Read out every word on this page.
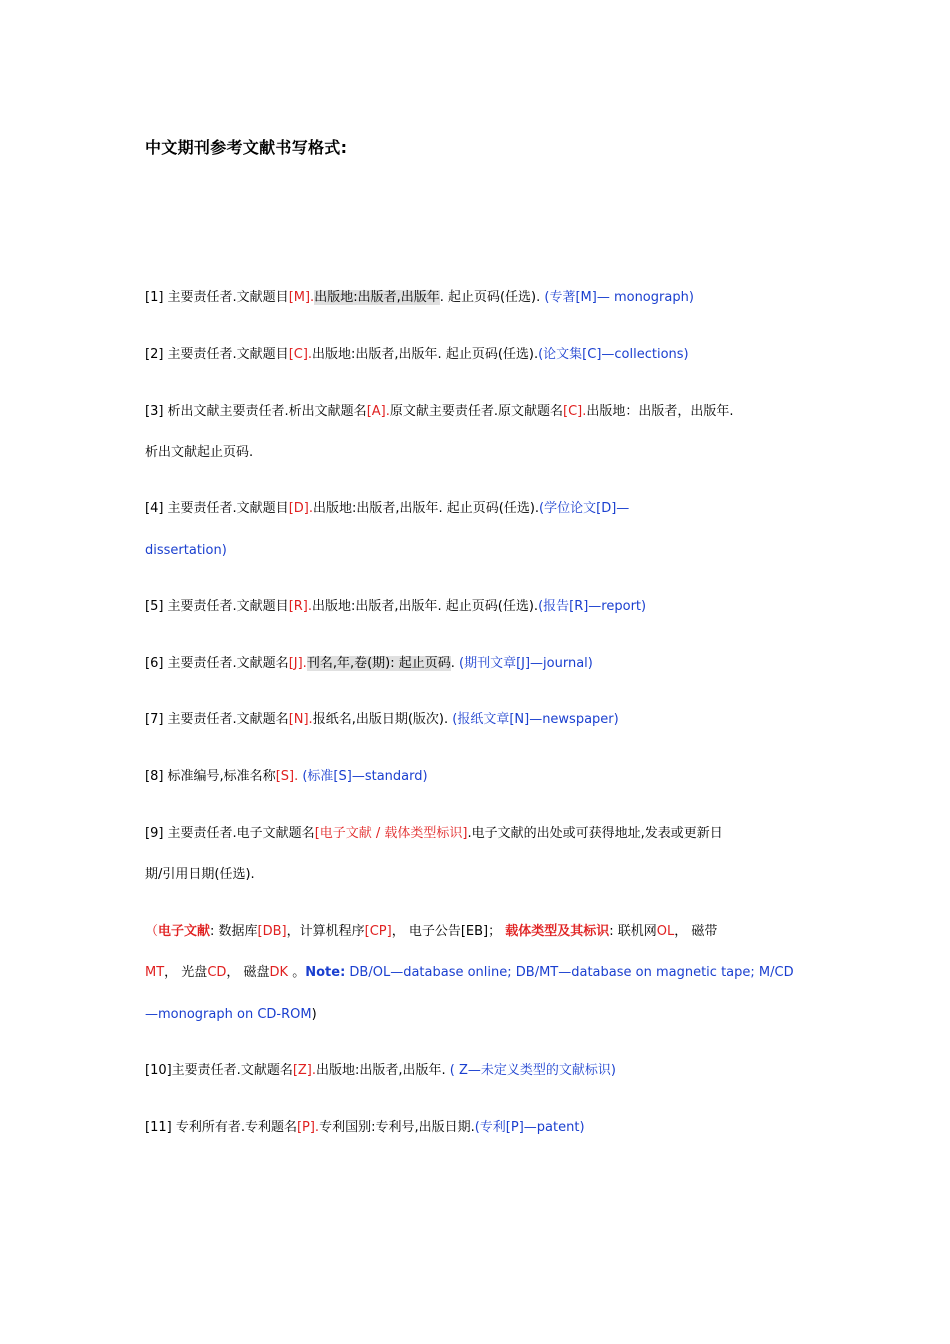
中文期刊参考文献书写格式:
[1] 主要责任者.文献题目[M].出版地:出版者,出版年. 起止页码(任选). (专著[M]— monograph)
[2] 主要责任者.文献题目[C].出版地:出版者,出版年. 起止页码(任选).(论文集[C]—collections)
[3] 析出文献主要责任者.析出文献题名[A].原文献主要责任者.原文献题名[C].出版地：出版者，出版年.
析出文献起止页码.
[4] 主要责任者.文献题目[D].出版地:出版者,出版年. 起止页码(任选).(学位论文[D]—
dissertation)
[5] 主要责任者.文献题目[R].出版地:出版者,出版年. 起止页码(任选).(报告[R]—report)
[6] 主要责任者.文献题名[J].刊名,年,卷(期): 起止页码. (期刊文章[J]—journal)
[7] 主要责任者.文献题名[N].报纸名,出版日期(版次). (报纸文章[N]—newspaper)
[8] 标准编号,标准名称[S]. (标准[S]—standard)
[9] 主要责任者.电子文献题名[电子文献 / 载体类型标识].电子文献的出处或可获得地址,发表或更新日
期/引用日期(任选).
（电子文献: 数据库[DB]，计算机程序[CP]， 电子公告[EB]； 载体类型及其标识: 联机网OL， 磁带
MT， 光盘CD， 磁盘DK 。Note: DB/OL—database online; DB/MT—database on magnetic tape; M/CD
—monograph on CD-ROM)
[10]主要责任者.文献题名[Z].出版地:出版者,出版年. ( Z—未定义类型的文献标识)
[11] 专利所有者.专利题名[P].专利国别:专利号,出版日期.(专利[P]—patent)
